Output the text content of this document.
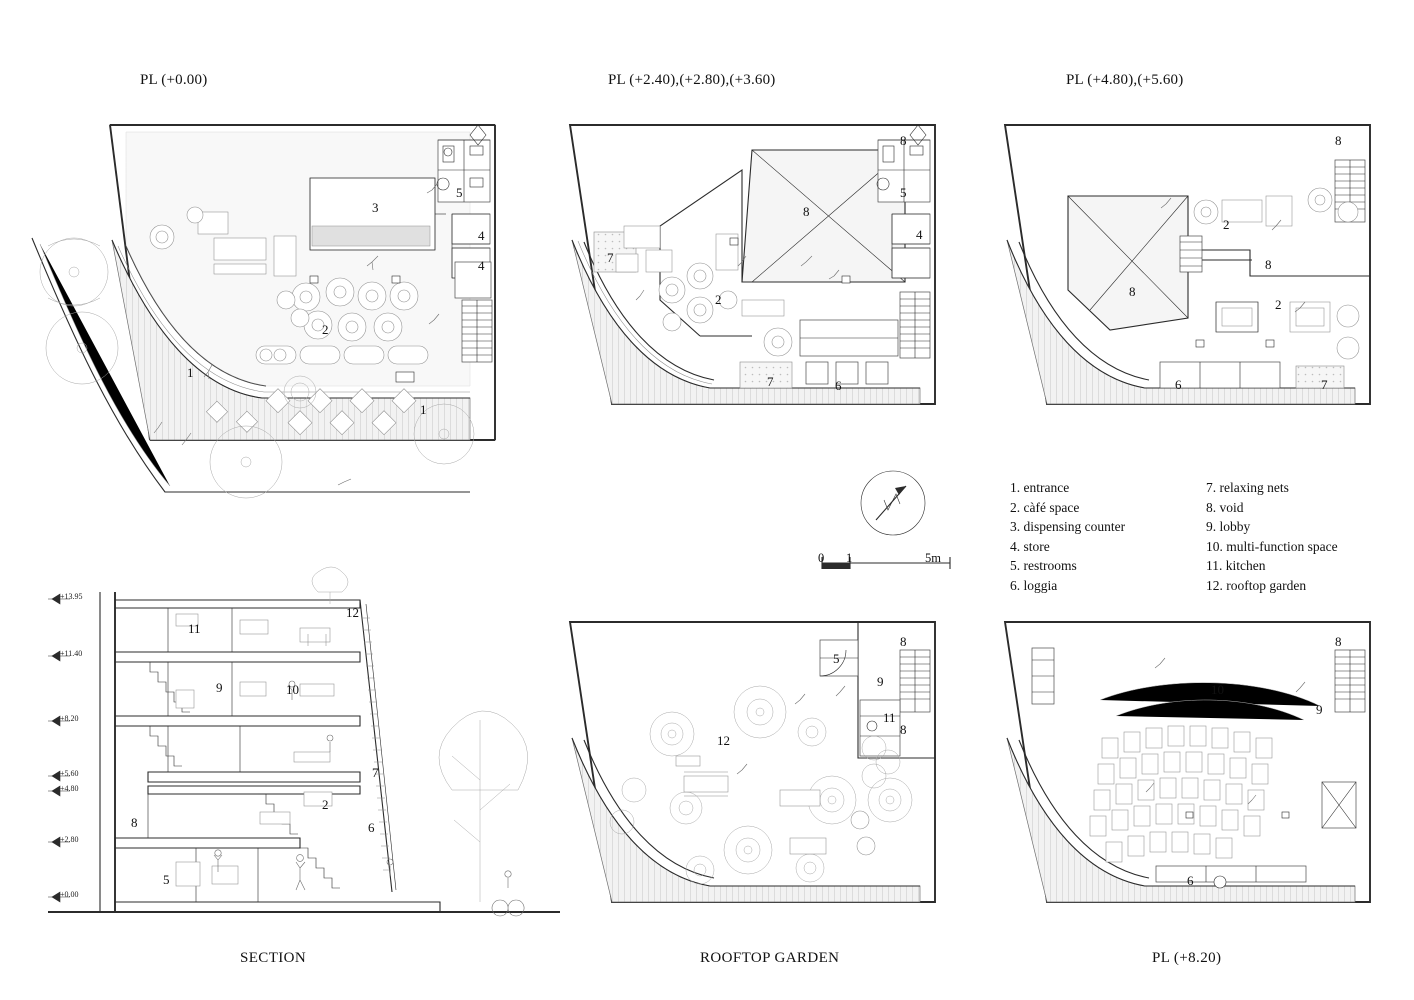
PL (+0.00)	PL (+2.40),(+2.80),(+3.60)	PL (+4.80),(+5.60)
SECTION	ROOFTOP GARDEN	PL (+8.20)
1. entrance
2. càfé space
3. dispensing counter
4. store
5. restrooms
6. loggia
7. relaxing nets
8. void
9. lobby
10. multi-function space
11. kitchen
12. rooftop garden
0 1	5m
+13.95
+11.40
+8.20
+5.60
+4.80
+2.80
+0.00
3
5
4
4
2
1
1
8
5
4
7
8
2
7	6
8
2
8
8
2
6	7
11
12
9	10
7
2
6
8
5
8
5
9
11
8
12
8
10
9
6
